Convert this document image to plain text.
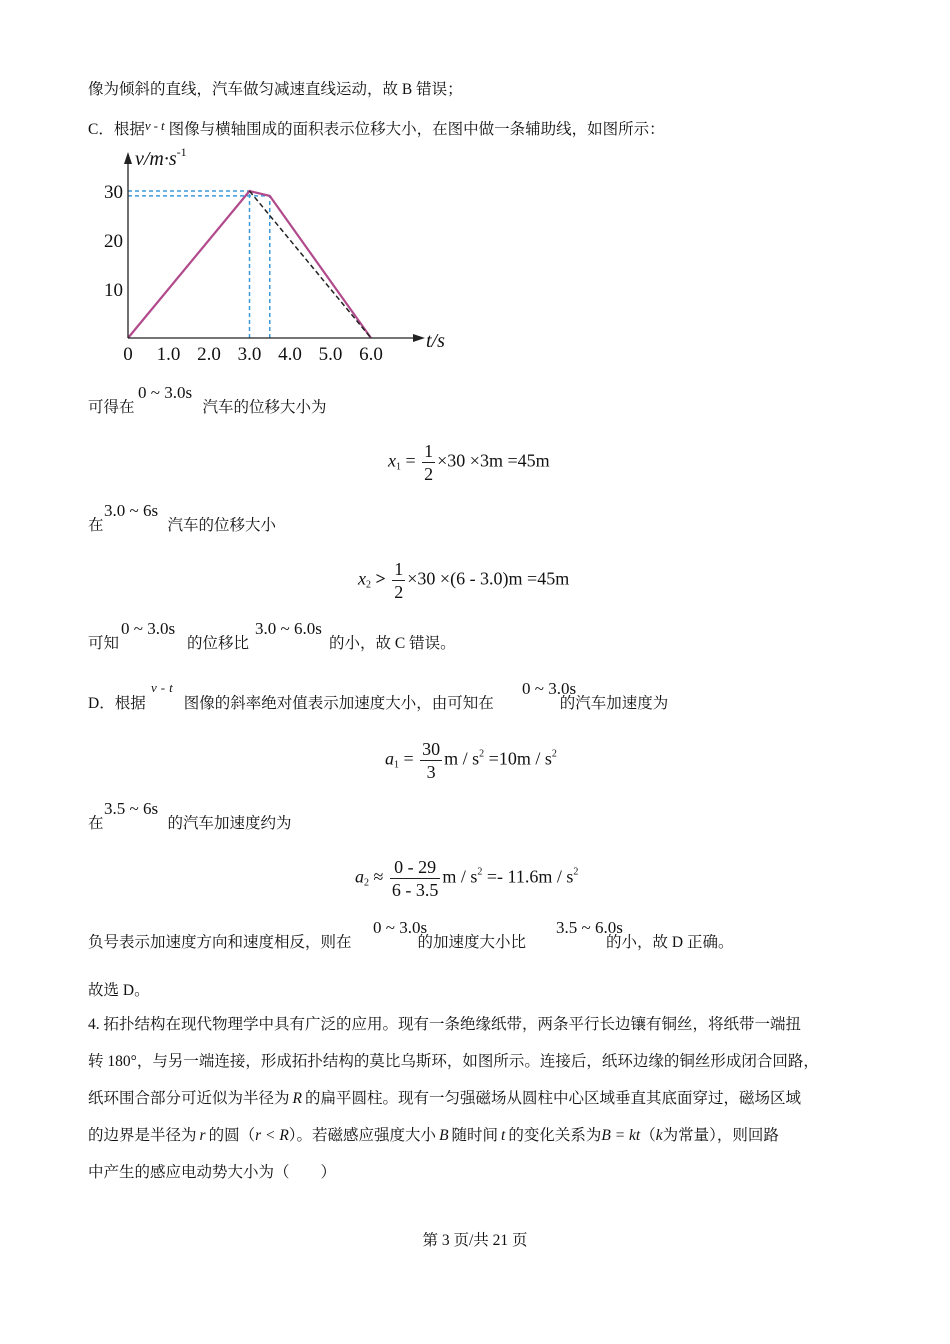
像为倾斜的直线，汽车做匀减速直线运动，故 B 错误；
C．根据$^v$ - $^t$ 图像与横轴围成的面积表示位移大小，在图中做一条辅助线，如图所示：
0 1.0 2.0 3.0 4.0 5.0 6.0
10
20
30
$v/m\cdot s^{-1}$
t/s
可得在	汽车的位移大小为
0 ~ 3.0s
$x_1 = \frac{1}{2} \times 30 \times 3m =45m$
在	汽车的位移大小
3.0 ~ 6s
$x_2 > \frac{1}{2} \times 30 \times(6 - 3.0)m =45m$
可知	的位移比	的小，故 C 错误。
0 ~ 3.0s	3.0 ~ 6.0s
D．根据 图像的斜率绝对值表示加速度大小，由可知在	的汽车加速度为
v - t	0 ~ 3.0s
$a_1 = \frac{30}{3}$ $m / s^2 =10m / s^2$
在	的汽车加速度约为
3.5 ~ 6s
$a_2 \approx \frac{0 - 29}{6 - 3.5}$ $m / s^2 =- 11.6m / s^2$
负号表示加速度方向和速度相反，则在	的加速度大小比	的小，故 D 正确。
0 ~ 3.0s	3.5 ~ 6.0s
故选 D。
4. 拓扑结构在现代物理学中具有广泛的应用。现有一条绝缘纸带，两条平行长边镶有铜丝，将纸带一端扭
转 180°，与另一端连接，形成拓扑结构的莫比乌斯环，如图所示。连接后，纸环边缘的铜丝形成闭合回路，
纸环围合部分可近似为半径为 R 的扁平圆柱。现有一匀强磁场从圆柱中心区域垂直其底面穿过，磁场区域
的边界是半径为 r 的圆（r < R）。若磁感应强度大小 B 随时间 t 的变化关系为B = kt（k为常量），则回路
中产生的感应电动势大小为（　　）
第 3 页/共 21 页
